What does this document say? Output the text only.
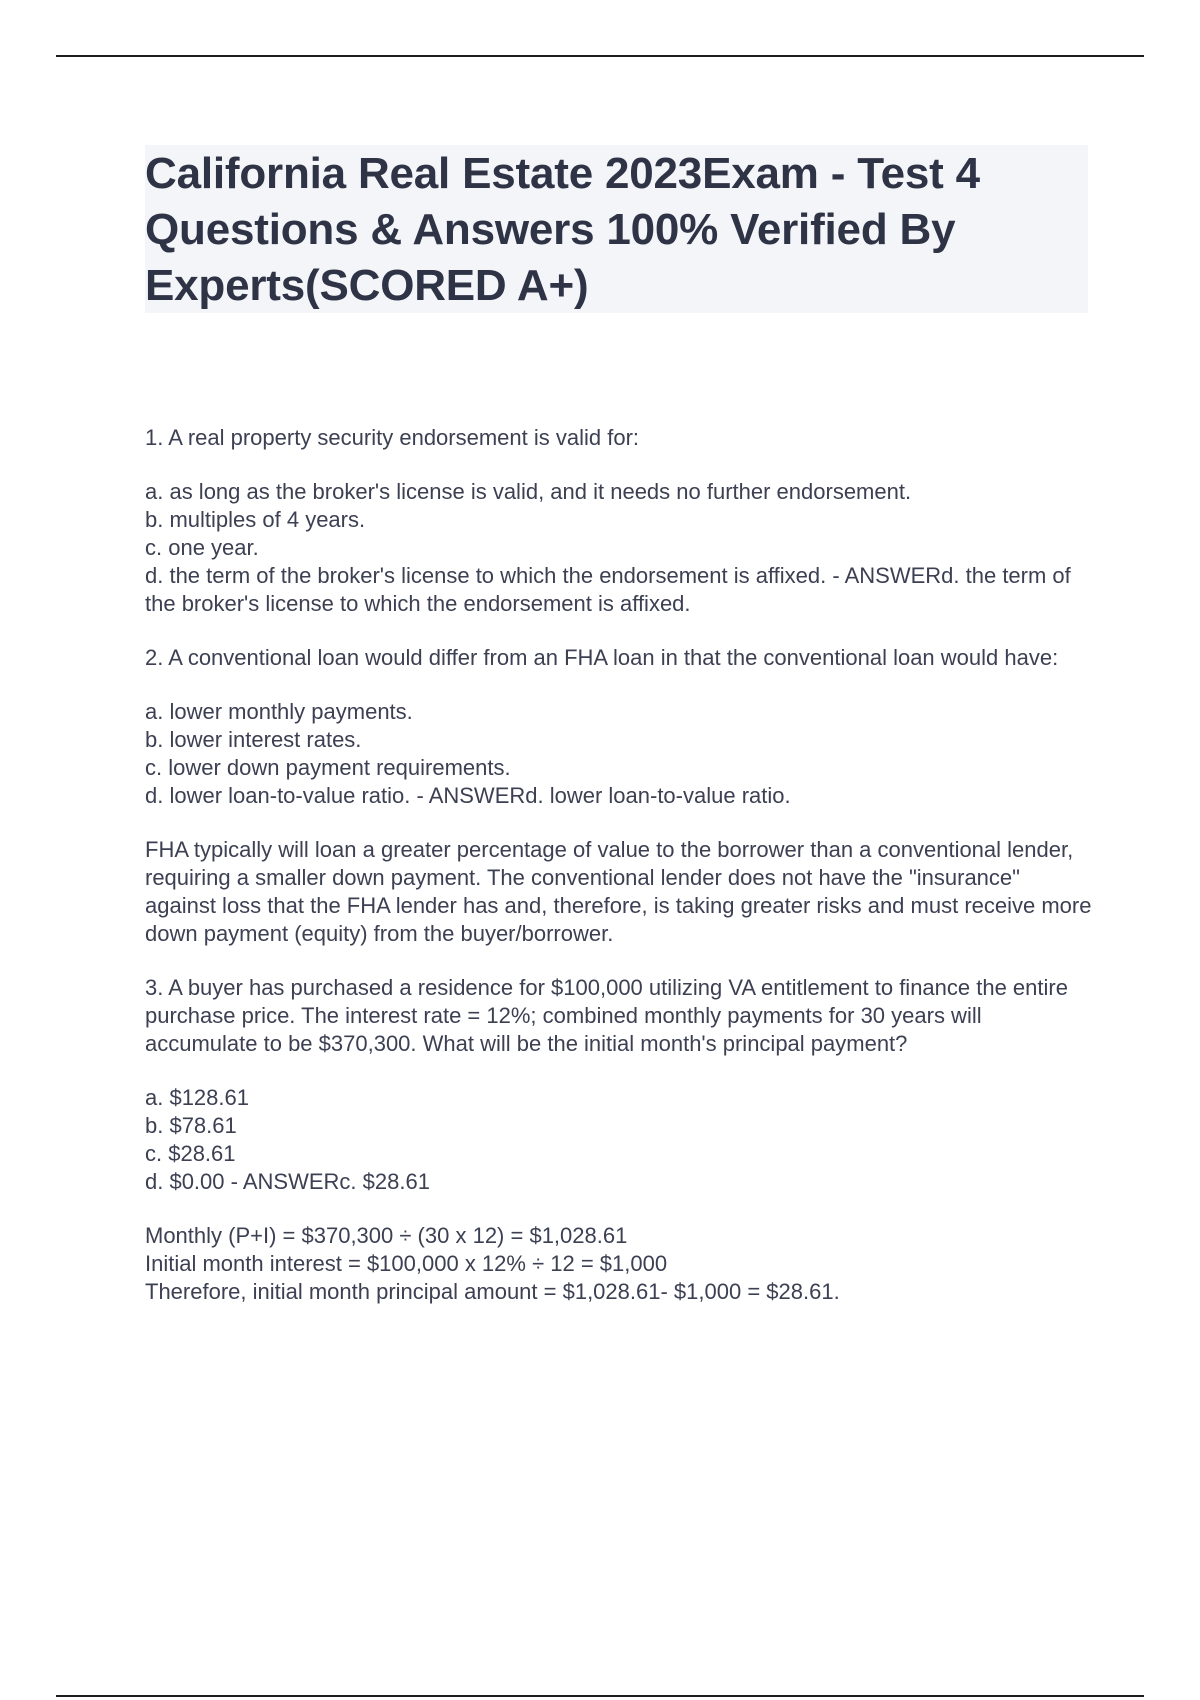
California Real Estate 2023Exam - Test 4 Questions & Answers 100% Verified By Experts(SCORED A+)

1. A real property security endorsement is valid for:

a. as long as the broker's license is valid, and it needs no further endorsement.
b. multiples of 4 years.
c. one year.
d. the term of the broker's license to which the endorsement is affixed. - ANSWERd. the term of the broker's license to which the endorsement is affixed.

2. A conventional loan would differ from an FHA loan in that the conventional loan would have:

a. lower monthly payments.
b. lower interest rates.
c. lower down payment requirements.
d. lower loan-to-value ratio. - ANSWERd. lower loan-to-value ratio.

FHA typically will loan a greater percentage of value to the borrower than a conventional lender, requiring a smaller down payment. The conventional lender does not have the "insurance" against loss that the FHA lender has and, therefore, is taking greater risks and must receive more down payment (equity) from the buyer/borrower.

3. A buyer has purchased a residence for $100,000 utilizing VA entitlement to finance the entire purchase price. The interest rate = 12%; combined monthly payments for 30 years will accumulate to be $370,300. What will be the initial month's principal payment?

a. $128.61
b. $78.61
c. $28.61
d. $0.00 - ANSWERc. $28.61
Monthly (P+I) = $370,300 ÷ (30 x 12) = $1,028.61
Initial month interest = $100,000 x 12% ÷ 12 = $1,000
Therefore, initial month principal amount = $1,028.61- $1,000 = $28.61.
